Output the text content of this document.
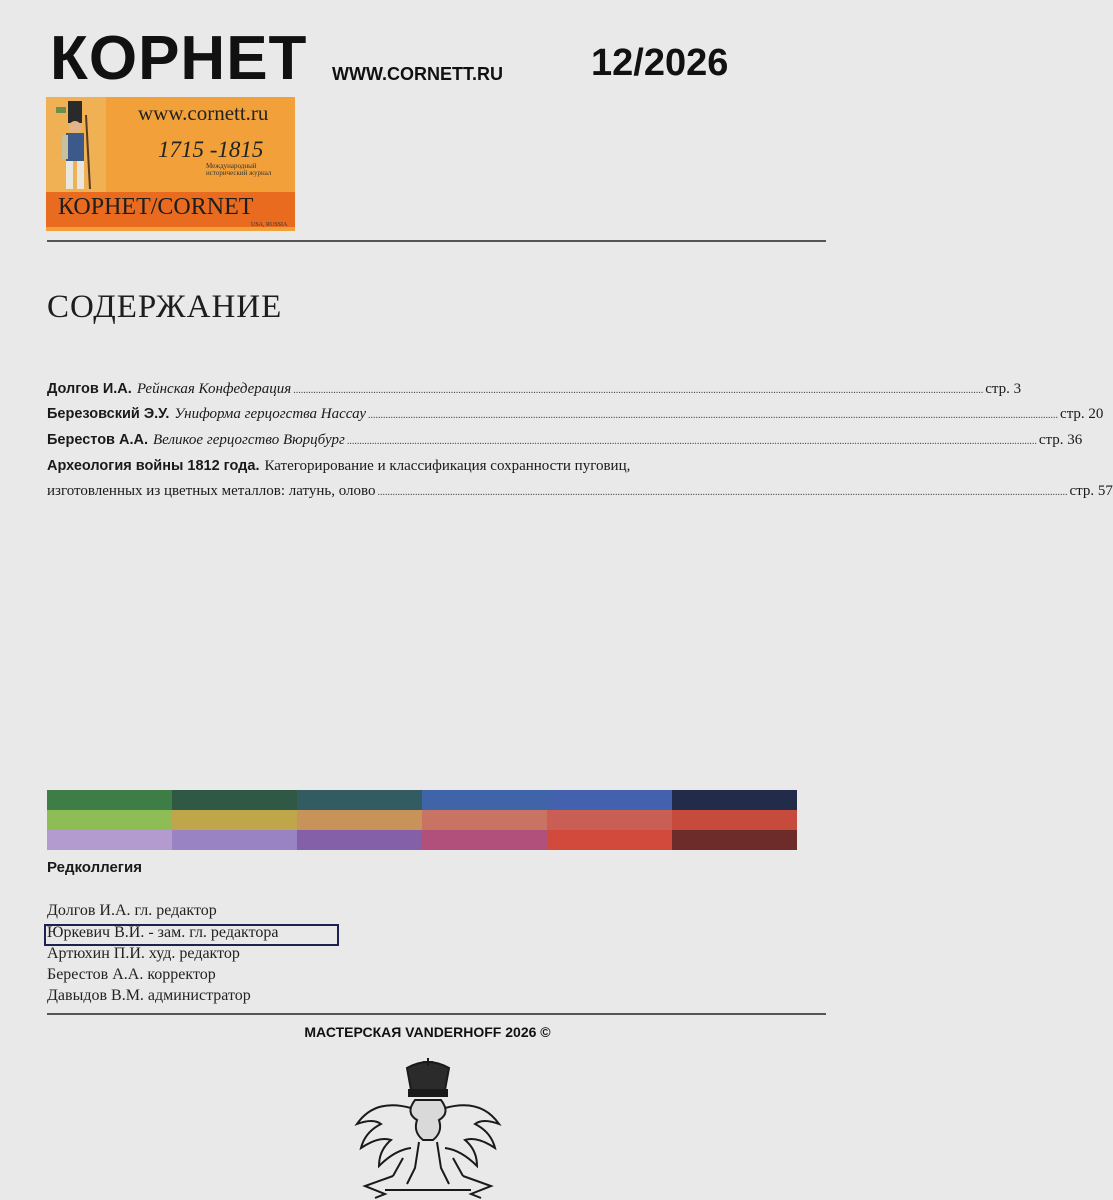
КОРНЕТ WWW.CORNETT.RU 12/2026
www.cornett.ru
1715 -1815
Международный исторический журнал
КОРНЕТ/CORNET
USA, RUSSIA
СОДЕРЖАНИЕ
Долгов И.А. Рейнская Конфедерация .................................................................................................................................................................................................................................................................................... стр. 3
Березовский Э.У. Униформа герцогства Нассау .................................................................................................................................................................................................................................................................................... стр. 20
Берестов А.А. Великое герцогство Вюрцбург .................................................................................................................................................................................................................................................................................... стр. 36
Археология войны 1812 года. Категорирование и классификация сохранности пуговиц,
изготовленных из цветных металлов: латунь, олово .................................................................................................................................................................................................................................................................................... стр. 57
Редколлегия
Долгов И.А. гл. редактор
Юркевич В.И. - зам. гл. редактора
Артюхин П.И. худ. редактор
Берестов А.А. корректор
Давыдов В.М. администратор
МАСТЕРСКАЯ VANDERHOFF 2026 ©
